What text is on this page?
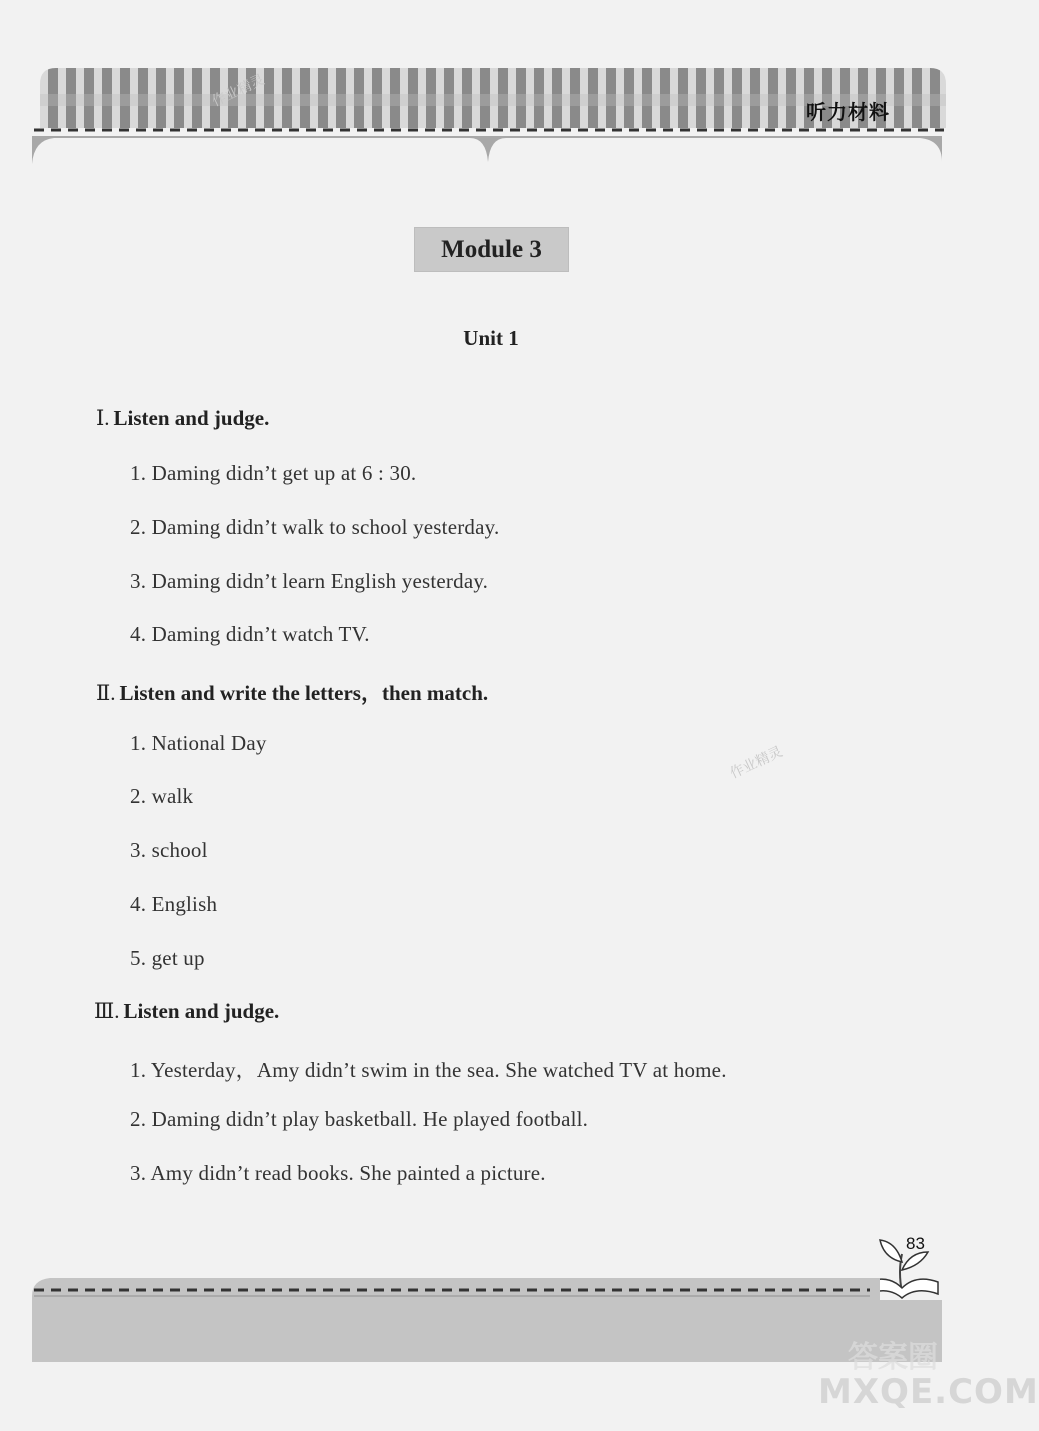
听力材料
Module 3
Unit 1
Ⅰ. Listen and judge.
1. Daming didn’t get up at 6 : 30.
2. Daming didn’t walk to school yesterday.
3. Daming didn’t learn English yesterday.
4. Daming didn’t watch TV.
Ⅱ. Listen and write the letters，then match.
1. National Day
2. walk
3. school
4. English
5. get up
Ⅲ. Listen and judge.
1. Yesterday，Amy didn’t swim in the sea. She watched TV at home.
2. Daming didn’t play basketball. He played football.
3. Amy didn’t read books. She painted a picture.
83
作业精灵
作业精灵
答案圈
MXQE.COM
